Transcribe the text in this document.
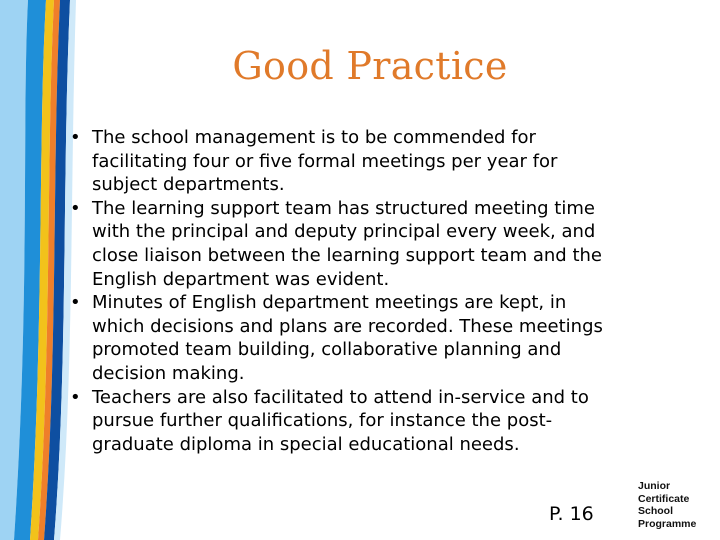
Good Practice
• The school management is to be commended for
facilitating four or five formal meetings per year for
subject departments.
• The learning support team has structured meeting time
with the principal and deputy principal every week, and
close liaison between the learning support team and the
English department was evident.
• Minutes of English department meetings are kept, in
which decisions and plans are recorded. These meetings
promoted team building, collaborative planning and
decision making.
• Teachers are also facilitated to attend in-service and to
pursue further qualifications, for instance the post-
graduate diploma in special educational needs.
P. 16
Junior
Certificate
School
Programme
